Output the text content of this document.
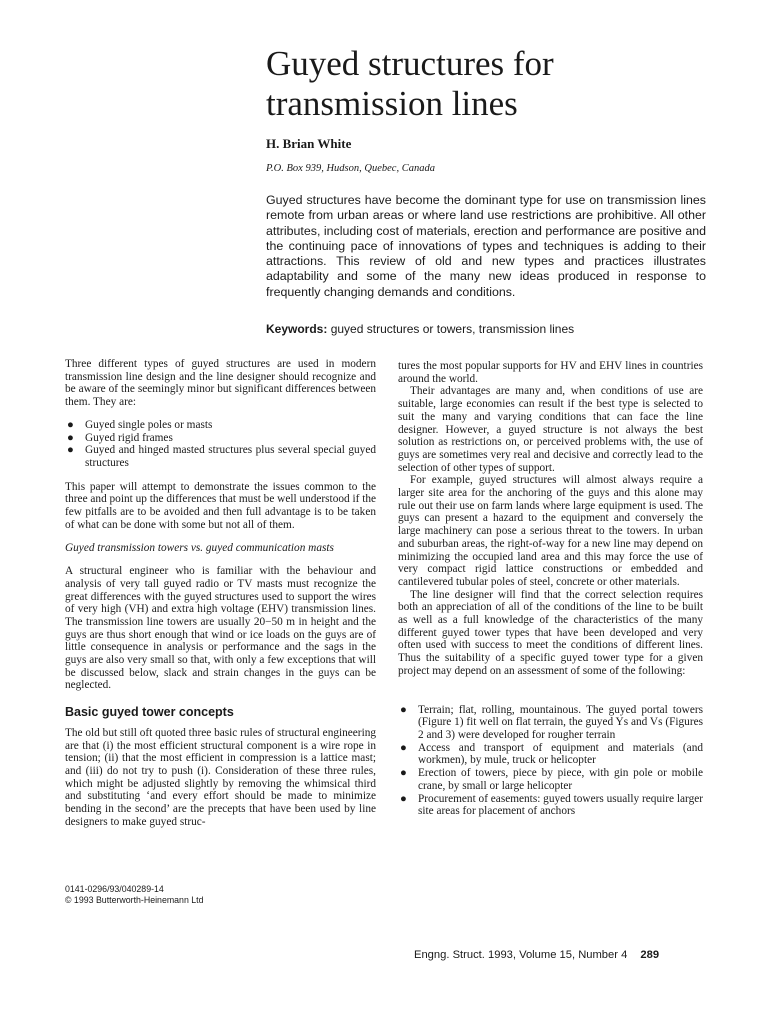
Guyed structures for transmission lines
H. Brian White
P.O. Box 939, Hudson, Quebec, Canada

Guyed structures have become the dominant type for use on transmission lines remote from urban areas or where land use restrictions are prohibitive. All other attributes, including cost of materials, erection and performance are positive and the continuing pace of innovations of types and techniques is adding to their attractions. This review of old and new types and practices illustrates adaptability and some of the many new ideas produced in response to frequently changing demands and conditions.

Keywords: guyed structures or towers, transmission lines

Three different types of guyed structures are used in modern transmission line design and the line designer should recognize and be aware of the seemingly minor but significant differences between them. They are:

● Guyed single poles or masts
● Guyed rigid frames
● Guyed and hinged masted structures plus several special guyed structures

This paper will attempt to demonstrate the issues common to the three and point up the differences that must be well understood if the few pitfalls are to be avoided and then full advantage is to be taken of what can be done with some but not all of them.

Guyed transmission towers vs. guyed communication masts

A structural engineer who is familiar with the behaviour and analysis of very tall guyed radio or TV masts must recognize the great differences with the guyed structures used to support the wires of very high (VH) and extra high voltage (EHV) transmission lines. The transmission line towers are usually 20−50 m in height and the guys are thus short enough that wind or ice loads on the guys are of little consequence in analysis or performance and the sags in the guys are also very small so that, with only a few exceptions that will be discussed below, slack and strain changes in the guys can be neglected.

Basic guyed tower concepts

The old but still oft quoted three basic rules of structural engineering are that (i) the most efficient structural component is a wire rope in tension; (ii) that the most efficient in compression is a lattice mast; and (iii) do not try to push (i). Consideration of these three rules, which might be adjusted slightly by removing the whimsical third and substituting ‘and every effort should be made to minimize bending in the second’ are the precepts that have been used by line designers to make guyed struc-

tures the most popular supports for HV and EHV lines in countries around the world.

Their advantages are many and, when conditions of use are suitable, large economies can result if the best type is selected to suit the many and varying conditions that can face the line designer. However, a guyed structure is not always the best solution as restrictions on, or perceived problems with, the use of guys are sometimes very real and decisive and correctly lead to the selection of other types of support.

For example, guyed structures will almost always require a larger site area for the anchoring of the guys and this alone may rule out their use on farm lands where large equipment is used. The guys can present a hazard to the equipment and conversely the large machinery can pose a serious threat to the towers. In urban and suburban areas, the right-of-way for a new line may depend on minimizing the occupied land area and this may force the use of very compact rigid lattice constructions or embedded and cantilevered tubular poles of steel, concrete or other materials.

The line designer will find that the correct selection requires both an appreciation of all of the conditions of the line to be built as well as a full knowledge of the characteristics of the many different guyed tower types that have been developed and very often used with success to meet the conditions of different lines. Thus the suitability of a specific guyed tower type for a given project may depend on an assessment of some of the following:

● Terrain; flat, rolling, mountainous. The guyed portal towers (Figure 1) fit well on flat terrain, the guyed Ys and Vs (Figures 2 and 3) were developed for rougher terrain
● Access and transport of equipment and materials (and workmen), by mule, truck or helicopter
● Erection of towers, piece by piece, with gin pole or mobile crane, by small or large helicopter
● Procurement of easements: guyed towers usually require larger site areas for placement of anchors
0141-0296/93/040289-14
© 1993 Butterworth-Heinemann Ltd
Engng. Struct. 1993, Volume 15, Number 4 289
